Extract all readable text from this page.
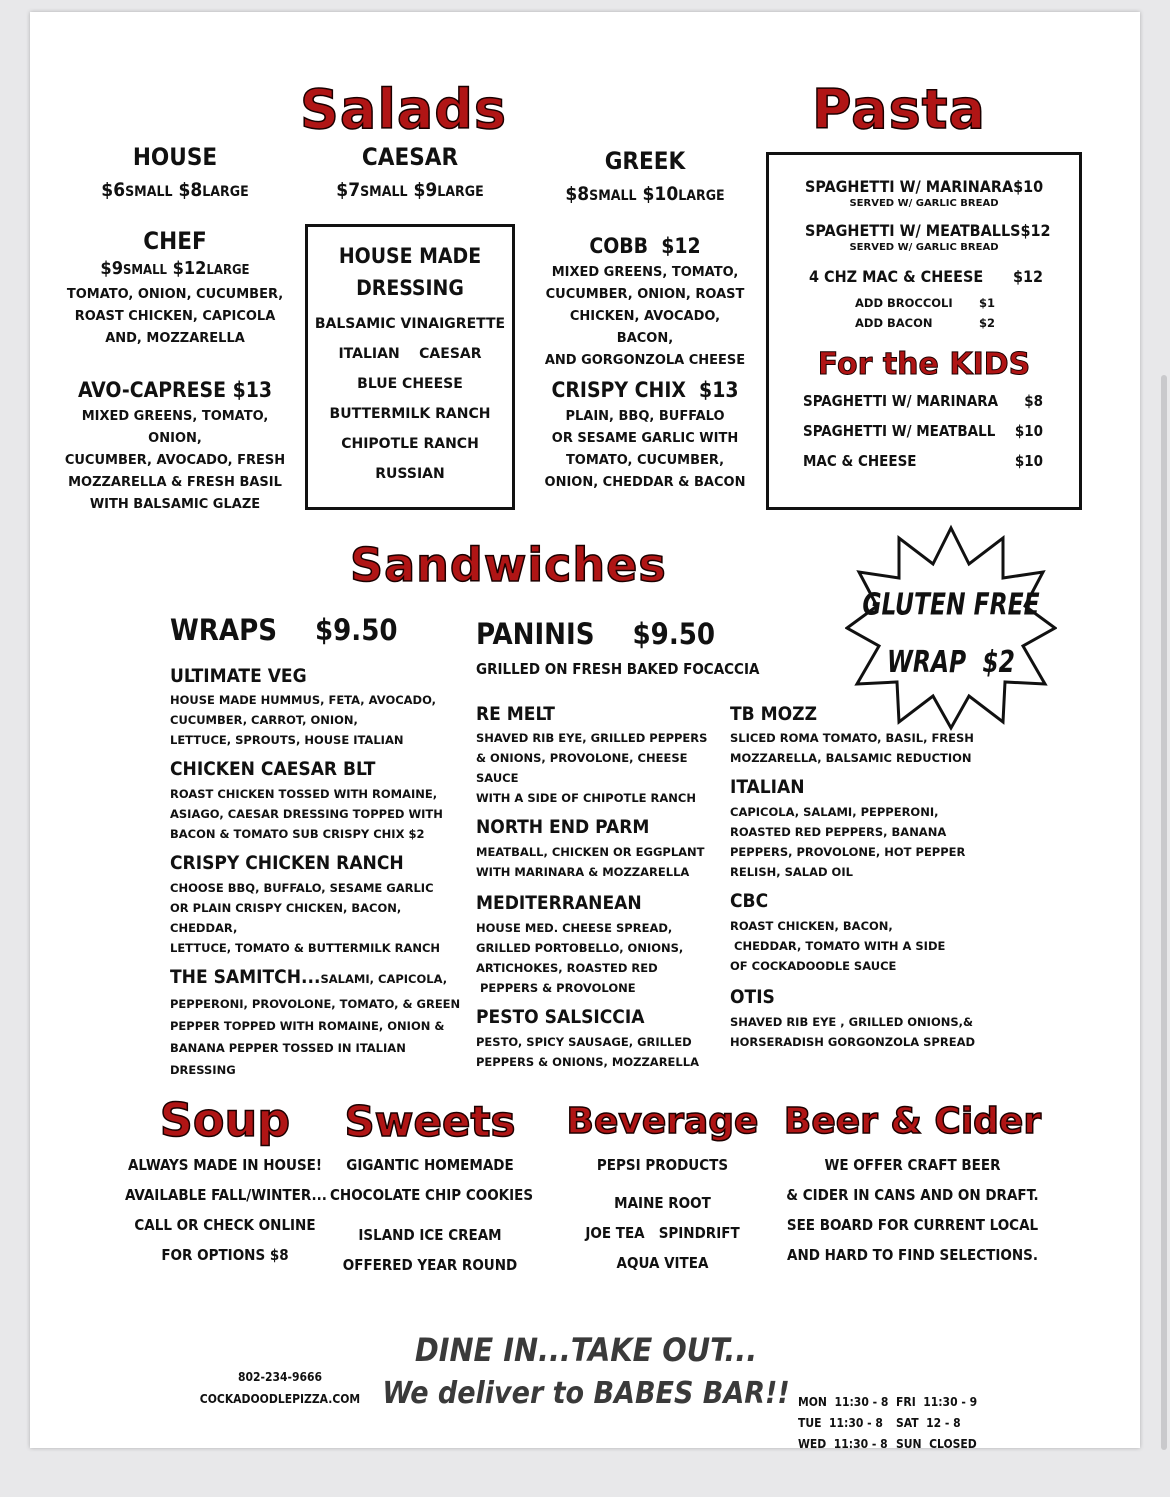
Salads
HOUSE
$6SMALL $8LARGE
CAESAR
$7SMALL $9LARGE
GREEK
$8SMALL $10LARGE
CHEF
$9SMALL $12LARGE
TOMATO, ONION, CUCUMBER,
ROAST CHICKEN, CAPICOLA
AND, MOZZARELLA
AVO-CAPRESE $13
MIXED GREENS, TOMATO, ONION,
CUCUMBER, AVOCADO, FRESH
MOZZARELLA & FRESH BASIL
WITH BALSAMIC GLAZE
HOUSE MADE
DRESSING
BALSAMIC VINAIGRETTE
ITALIAN    CAESAR
BLUE CHEESE
BUTTERMILK RANCH
CHIPOTLE RANCH
RUSSIAN
COBB  $12
MIXED GREENS, TOMATO,
CUCUMBER, ONION, ROAST
CHICKEN, AVOCADO, BACON,
AND GORGONZOLA CHEESE
CRISPY CHIX  $13
PLAIN, BBQ, BUFFALO
OR SESAME GARLIC WITH
TOMATO, CUCUMBER,
ONION, CHEDDAR & BACON
Pasta
SPAGHETTI W/ MARINARA $10
SERVED W/ GARLIC BREAD
SPAGHETTI W/ MEATBALLS $12
SERVED W/ GARLIC BREAD
4 CHZ MAC & CHEESE $12
ADD BROCCOLI $1
ADD BACON	$2
For the KIDS
SPAGHETTI W/ MARINARA $8
SPAGHETTI W/ MEATBALL $10
MAC & CHEESE	$10
Sandwiches
GLUTEN FREE
WRAP  $2
WRAPS $9.50
ULTIMATE VEG
HOUSE MADE HUMMUS, FETA, AVOCADO,
CUCUMBER, CARROT, ONION,
LETTUCE, SPROUTS, HOUSE ITALIAN
CHICKEN CAESAR BLT
ROAST CHICKEN TOSSED WITH ROMAINE,
ASIAGO, CAESAR DRESSING TOPPED WITH
BACON & TOMATO SUB CRISPY CHIX $2
CRISPY CHICKEN RANCH
CHOOSE BBQ, BUFFALO, SESAME GARLIC
OR PLAIN CRISPY CHICKEN, BACON, CHEDDAR,
LETTUCE, TOMATO & BUTTERMILK RANCH
THE SAMITCH...SALAMI, CAPICOLA,
PEPPERONI, PROVOLONE, TOMATO, & GREEN
PEPPER TOPPED WITH ROMAINE, ONION &
BANANA PEPPER TOSSED IN ITALIAN DRESSING
PANINIS $9.50
GRILLED ON FRESH BAKED FOCACCIA
RE MELT
SHAVED RIB EYE, GRILLED PEPPERS
& ONIONS, PROVOLONE, CHEESE SAUCE
WITH A SIDE OF CHIPOTLE RANCH
NORTH END PARM
MEATBALL, CHICKEN OR EGGPLANT
WITH MARINARA & MOZZARELLA
MEDITERRANEAN
HOUSE MED. CHEESE SPREAD,
GRILLED PORTOBELLO, ONIONS,
ARTICHOKES, ROASTED RED
PEPPERS & PROVOLONE
PESTO SALSICCIA
PESTO, SPICY SAUSAGE, GRILLED
PEPPERS & ONIONS, MOZZARELLA
TB MOZZ
SLICED ROMA TOMATO, BASIL, FRESH
MOZZARELLA, BALSAMIC REDUCTION
ITALIAN
CAPICOLA, SALAMI, PEPPERONI,
ROASTED RED PEPPERS, BANANA
PEPPERS, PROVOLONE, HOT PEPPER
RELISH, SALAD OIL
CBC
ROAST CHICKEN, BACON,
CHEDDAR, TOMATO WITH A SIDE
OF COCKADOODLE SAUCE
OTIS
SHAVED RIB EYE , GRILLED ONIONS,&
HORSERADISH GORGONZOLA SPREAD
Soup
ALWAYS MADE IN HOUSE!
AVAILABLE FALL/WINTER...
CALL OR CHECK ONLINE
FOR OPTIONS $8
Sweets
GIGANTIC HOMEMADE
CHOCOLATE CHIP COOKIES
ISLAND ICE CREAM
OFFERED YEAR ROUND
Beverage
PEPSI PRODUCTS
MAINE ROOT
JOE TEA   SPINDRIFT
AQUA VITEA
Beer & Cider
WE OFFER CRAFT BEER
& CIDER IN CANS AND ON DRAFT.
SEE BOARD FOR CURRENT LOCAL
AND HARD TO FIND SELECTIONS.
802-234-9666
COCKADOODLEPIZZA.COM
DINE IN...TAKE OUT...
We deliver to BABES BAR!!

MON  11:30 - 8
TUE  11:30 - 8
WED  11:30 - 8

FRI  11:30 - 9
SAT  12 - 8
SUN  CLOSED
